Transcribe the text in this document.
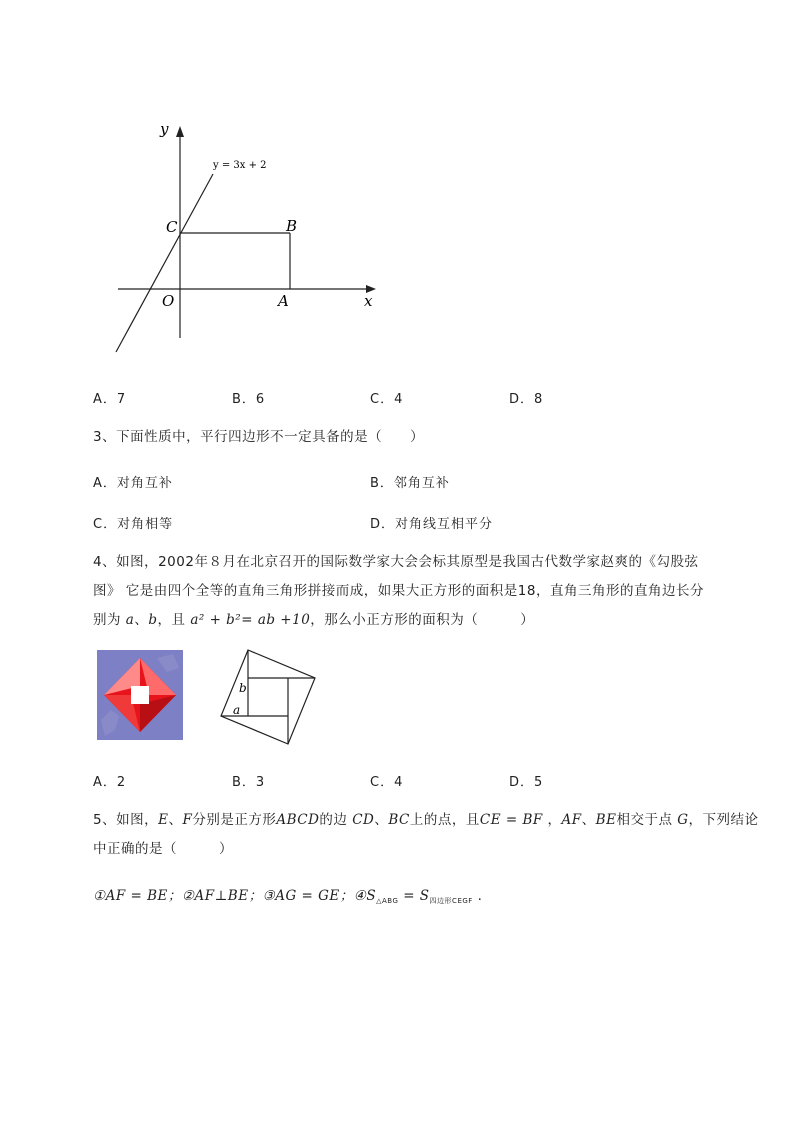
y
x
y = 3x + 2
C	B
O	A
A．7	B．6	C．4	D．8
3、下面性质中，平行四边形不一定具备的是（　　）
A．对角互补	B．邻角互补
C．对角相等	D．对角线互相平分
4、如图，2002年８月在北京召开的国际数学家大会会标其原型是我国古代数学家赵爽的《勾股弦
图》 它是由四个全等的直角三角形拼接而成，如果大正方形的面积是18，直角三角形的直角边长分
别为 a、b，且 a² + b²= ab +10，那么小正方形的面积为（　　　）
b
a
A．2	B．3	C．4	D．5
5、如图，E、F分别是正方形ABCD的边 CD、BC上的点，且CE = BF ，AF、BE相交于点 G，下列结论
中正确的是（　　　）
①AF = BE；②AF⊥BE；③AG = GE；$④S_{\triangle ABG} = S_{四边形CEGF}$ .
